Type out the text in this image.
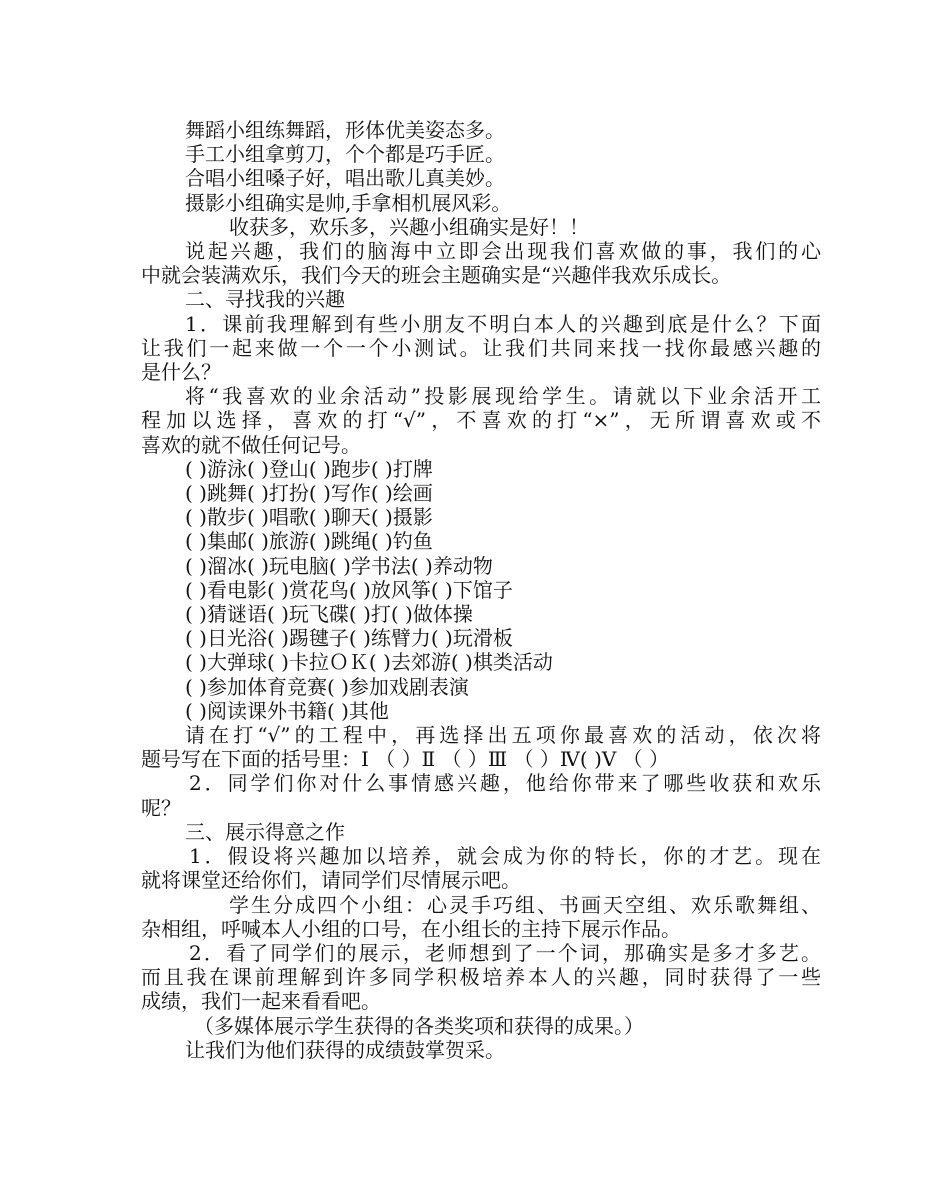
舞蹈小组练舞蹈，形体优美姿态多。
手工小组拿剪刀，个个都是巧手匠。
合唱小组嗓子好，唱出歌儿真美妙。
摄影小组确实是帅,手拿相机展风彩。
收获多，欢乐多，兴趣小组确实是好！！
说起兴趣，我们的脑海中立即会出现我们喜欢做的事，我们的心
中就会装满欢乐，我们今天的班会主题确实是“兴趣伴我欢乐成长。
二、寻找我的兴趣
1．课前我理解到有些小朋友不明白本人的兴趣到底是什么？下面
让我们一起来做一个一个小测试。让我们共同来找一找你最感兴趣的
是什么？
将“我喜欢的业余活动”投影展现给学生。请就以下业余活开工
程加以选择，喜欢的打“√”，不喜欢的打“×”，无所谓喜欢或不
喜欢的就不做任何记号。
( )游泳( )登山( )跑步( )打牌
( )跳舞( )打扮( )写作( )绘画
( )散步( )唱歌( )聊天( )摄影
( )集邮( )旅游( )跳绳( )钓鱼
( )溜冰( )玩电脑( )学书法( )养动物
( )看电影( )赏花鸟( )放风筝( )下馆子
( )猜谜语( )玩飞碟( )打( )做体操
( )日光浴( )踢毽子( )练臂力( )玩滑板
( )大弹球( )卡拉ＯＫ( )去郊游( )棋类活动
( )参加体育竞赛( )参加戏剧表演
( )阅读课外书籍( )其他
请在打“√”的工程中，再选择出五项你最喜欢的活动，依次将
题号写在下面的括号里：Ⅰ （ ）Ⅱ （ ）Ⅲ （ ）Ⅳ( )Ⅴ （ ）
2．同学们你对什么事情感兴趣，他给你带来了哪些收获和欢乐
呢？
三、展示得意之作
1．假设将兴趣加以培养，就会成为你的特长，你的才艺。现在
就将课堂还给你们，请同学们尽情展示吧。
学生分成四个小组：心灵手巧组、书画天空组、欢乐歌舞组、
杂相组，呼喊本人小组的口号，在小组长的主持下展示作品。
2．看了同学们的展示，老师想到了一个词，那确实是多才多艺。
而且我在课前理解到许多同学积极培养本人的兴趣，同时获得了一些
成绩，我们一起来看看吧。
（多媒体展示学生获得的各类奖项和获得的成果。）
让我们为他们获得的成绩鼓掌贺采。
